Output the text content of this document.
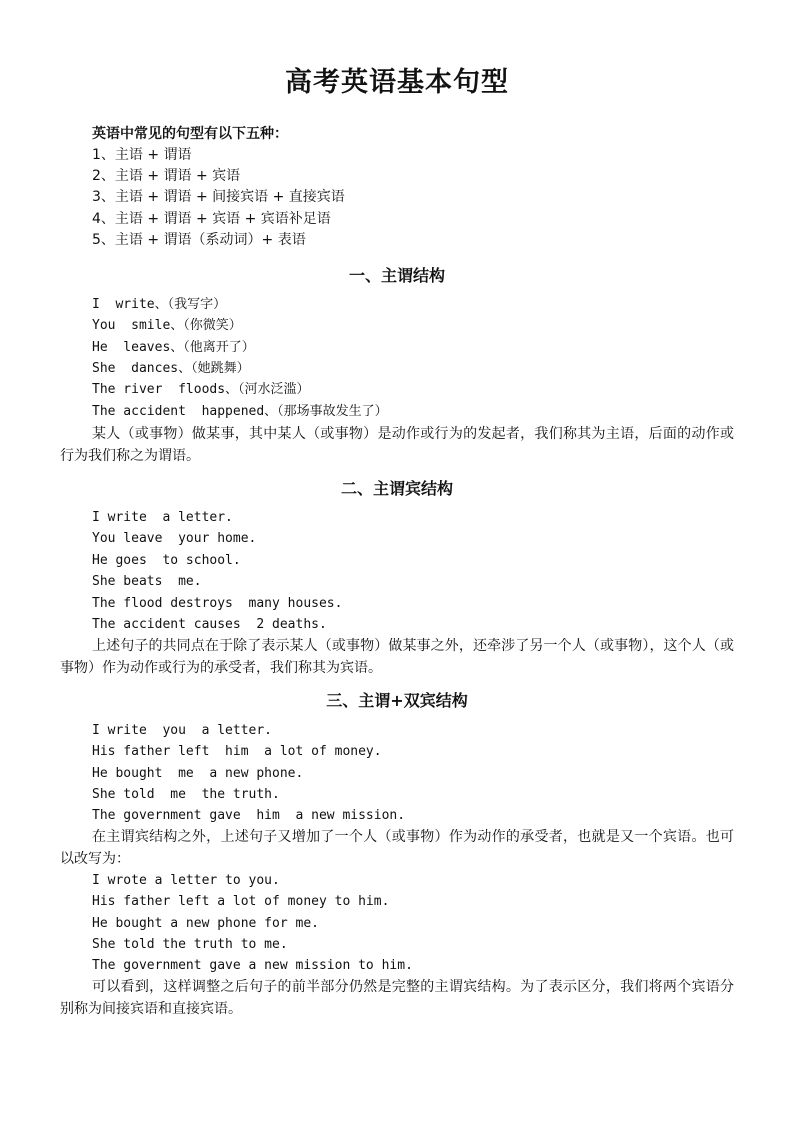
高考英语基本句型
英语中常见的句型有以下五种：
1、主语 + 谓语
2、主语 + 谓语 + 宾语
3、主语 + 谓语 + 间接宾语 + 直接宾语
4、主语 + 谓语 + 宾语 + 宾语补足语
5、主语 + 谓语（系动词）+ 表语
一、主谓结构
I  write、（我写字）
You  smile、（你微笑）
He  leaves、（他离开了）
She  dances、（她跳舞）
The river  floods、（河水泛滥）
The accident  happened、（那场事故发生了）
某人（或事物）做某事，其中某人（或事物）是动作或行为的发起者，我们称其为主语，后面的动作或行为我们称之为谓语。
二、主谓宾结构
I write  a letter.
You leave  your home.
He goes  to school.
She beats  me.
The flood destroys  many houses.
The accident causes  2 deaths.
上述句子的共同点在于除了表示某人（或事物）做某事之外，还牵涉了另一个人（或事物），这个人（或事物）作为动作或行为的承受者，我们称其为宾语。
三、主谓+双宾结构
I write  you  a letter.
His father left  him  a lot of money.
He bought  me  a new phone.
She told  me  the truth.
The government gave  him  a new mission.
在主谓宾结构之外，上述句子又增加了一个人（或事物）作为动作的承受者，也就是又一个宾语。也可以改写为：
I wrote a letter to you.
His father left a lot of money to him.
He bought a new phone for me.
She told the truth to me.
The government gave a new mission to him.
可以看到，这样调整之后句子的前半部分仍然是完整的主谓宾结构。为了表示区分，我们将两个宾语分别称为间接宾语和直接宾语。
